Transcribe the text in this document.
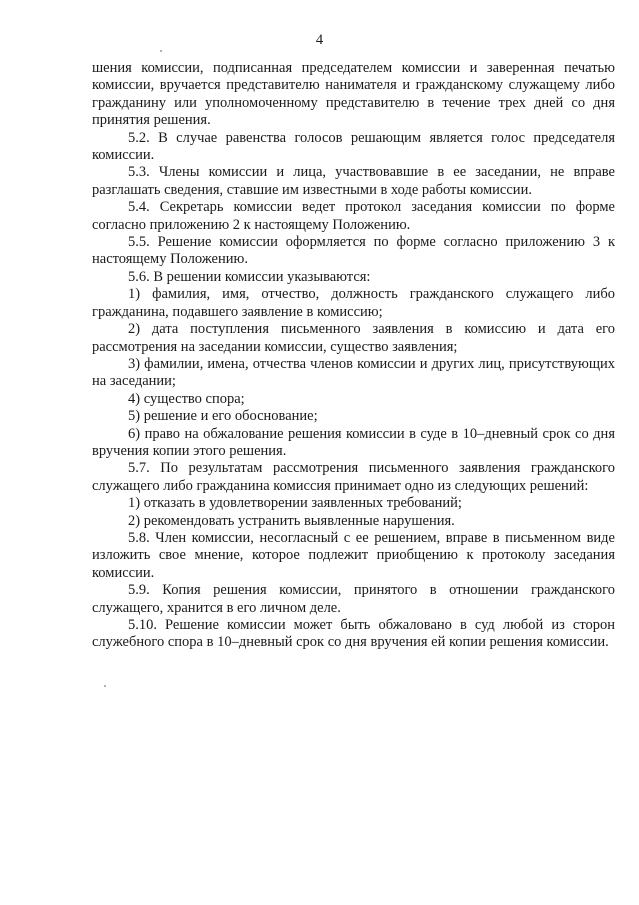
4

шения комиссии, подписанная председателем комиссии и заверенная печатью комиссии, вручается представителю нанимателя и гражданскому служащему либо гражданину или уполномоченному представителю в течение трех дней со дня принятия решения.

5.2. В случае равенства голосов решающим является голос председателя комиссии.

5.3. Члены комиссии и лица, участвовавшие в ее заседании, не вправе разглашать сведения, ставшие им известными в ходе работы комиссии.

5.4. Секретарь комиссии ведет протокол заседания комиссии по форме согласно приложению 2 к настоящему Положению.

5.5. Решение комиссии оформляется по форме согласно приложению 3 к настоящему Положению.

5.6. В решении комиссии указываются:

1) фамилия, имя, отчество, должность гражданского служащего либо гражданина, подавшего заявление в комиссию;

2) дата поступления письменного заявления в комиссию и дата его рассмотрения на заседании комиссии, существо заявления;

3) фамилии, имена, отчества членов комиссии и других лиц, присутствующих на заседании;

4) существо спора;

5) решение и его обоснование;

6) право на обжалование решения комиссии в суде в 10–дневный срок со дня вручения копии этого решения.

5.7. По результатам рассмотрения письменного заявления гражданского служащего либо гражданина комиссия принимает одно из следующих решений:

1) отказать в удовлетворении заявленных требований;

2) рекомендовать устранить выявленные нарушения.

5.8. Член комиссии, несогласный с ее решением, вправе в письменном виде изложить свое мнение, которое подлежит приобщению к протоколу заседания комиссии.

5.9. Копия решения комиссии, принятого в отношении гражданского служащего, хранится в его личном деле.

5.10. Решение комиссии может быть обжаловано в суд любой из сторон служебного спора в 10–дневный срок со дня вручения ей копии решения комиссии.
